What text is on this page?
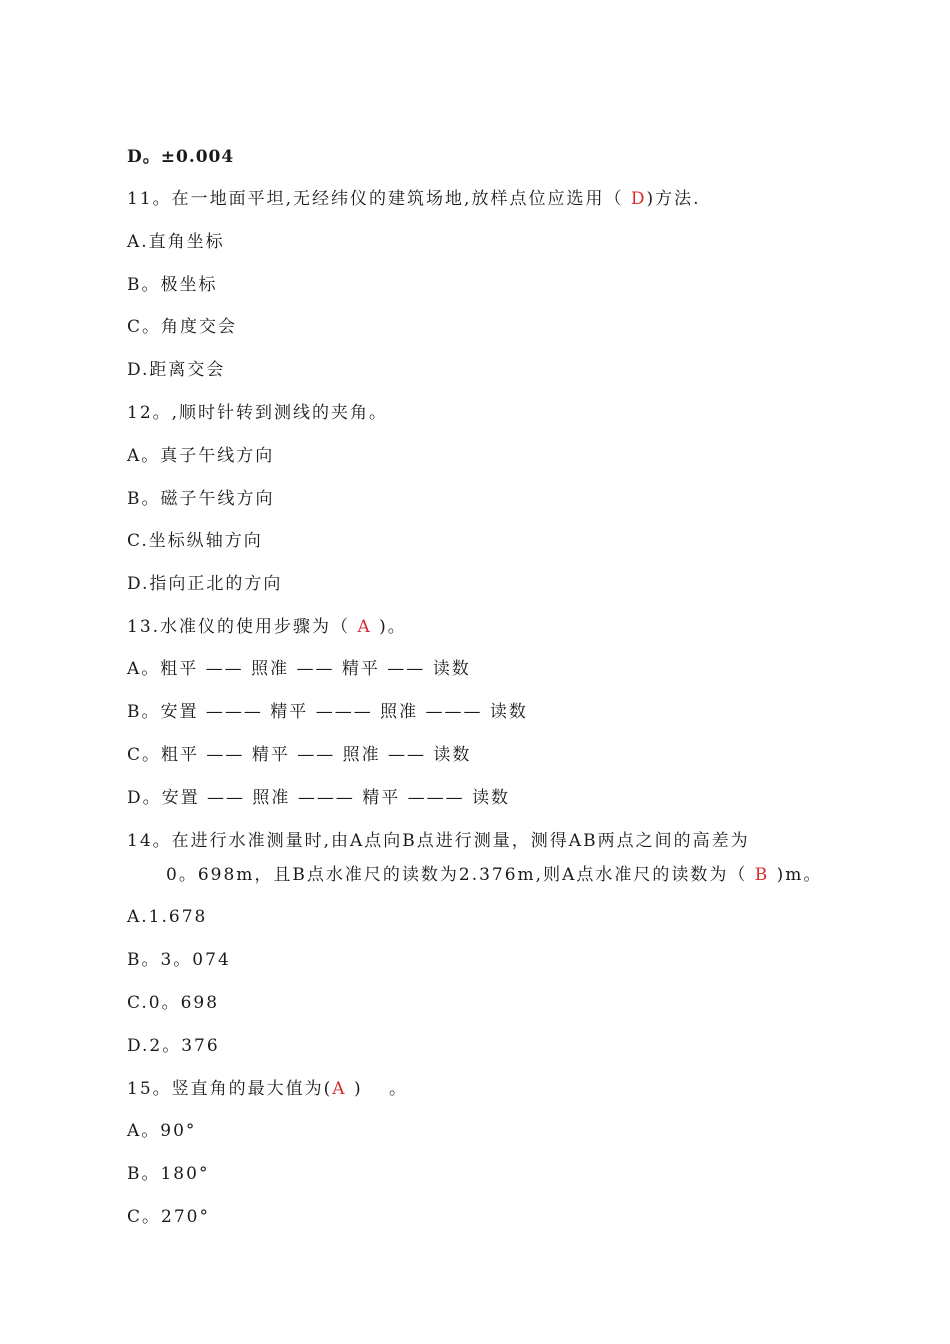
D。±0.004
11。在一地面平坦,无经纬仪的建筑场地,放样点位应选用（ D)方法.
A.直角坐标
B。极坐标
C。角度交会
D.距离交会
12。,顺时针转到测线的夹角。
A。真子午线方向
B。磁子午线方向
C.坐标纵轴方向
D.指向正北的方向
13.水准仪的使用步骤为（ A )。
A。粗平 —— 照准 —— 精平 —— 读数
B。安置 ——— 精平 ——— 照准 ——— 读数
C。粗平 —— 精平 —— 照准 —— 读数
D。安置 —— 照准 ——— 精平 ——— 读数
14。在进行水准测量时,由A点向B点进行测量，测得AB两点之间的高差为
0。698m，且B点水准尺的读数为2.376m,则A点水准尺的读数为（ B )m。
A.1.678
B。3。074
C.0。698
D.2。376
15。竖直角的最大值为(A )　 。
A。90°
B。180°
C。270°
